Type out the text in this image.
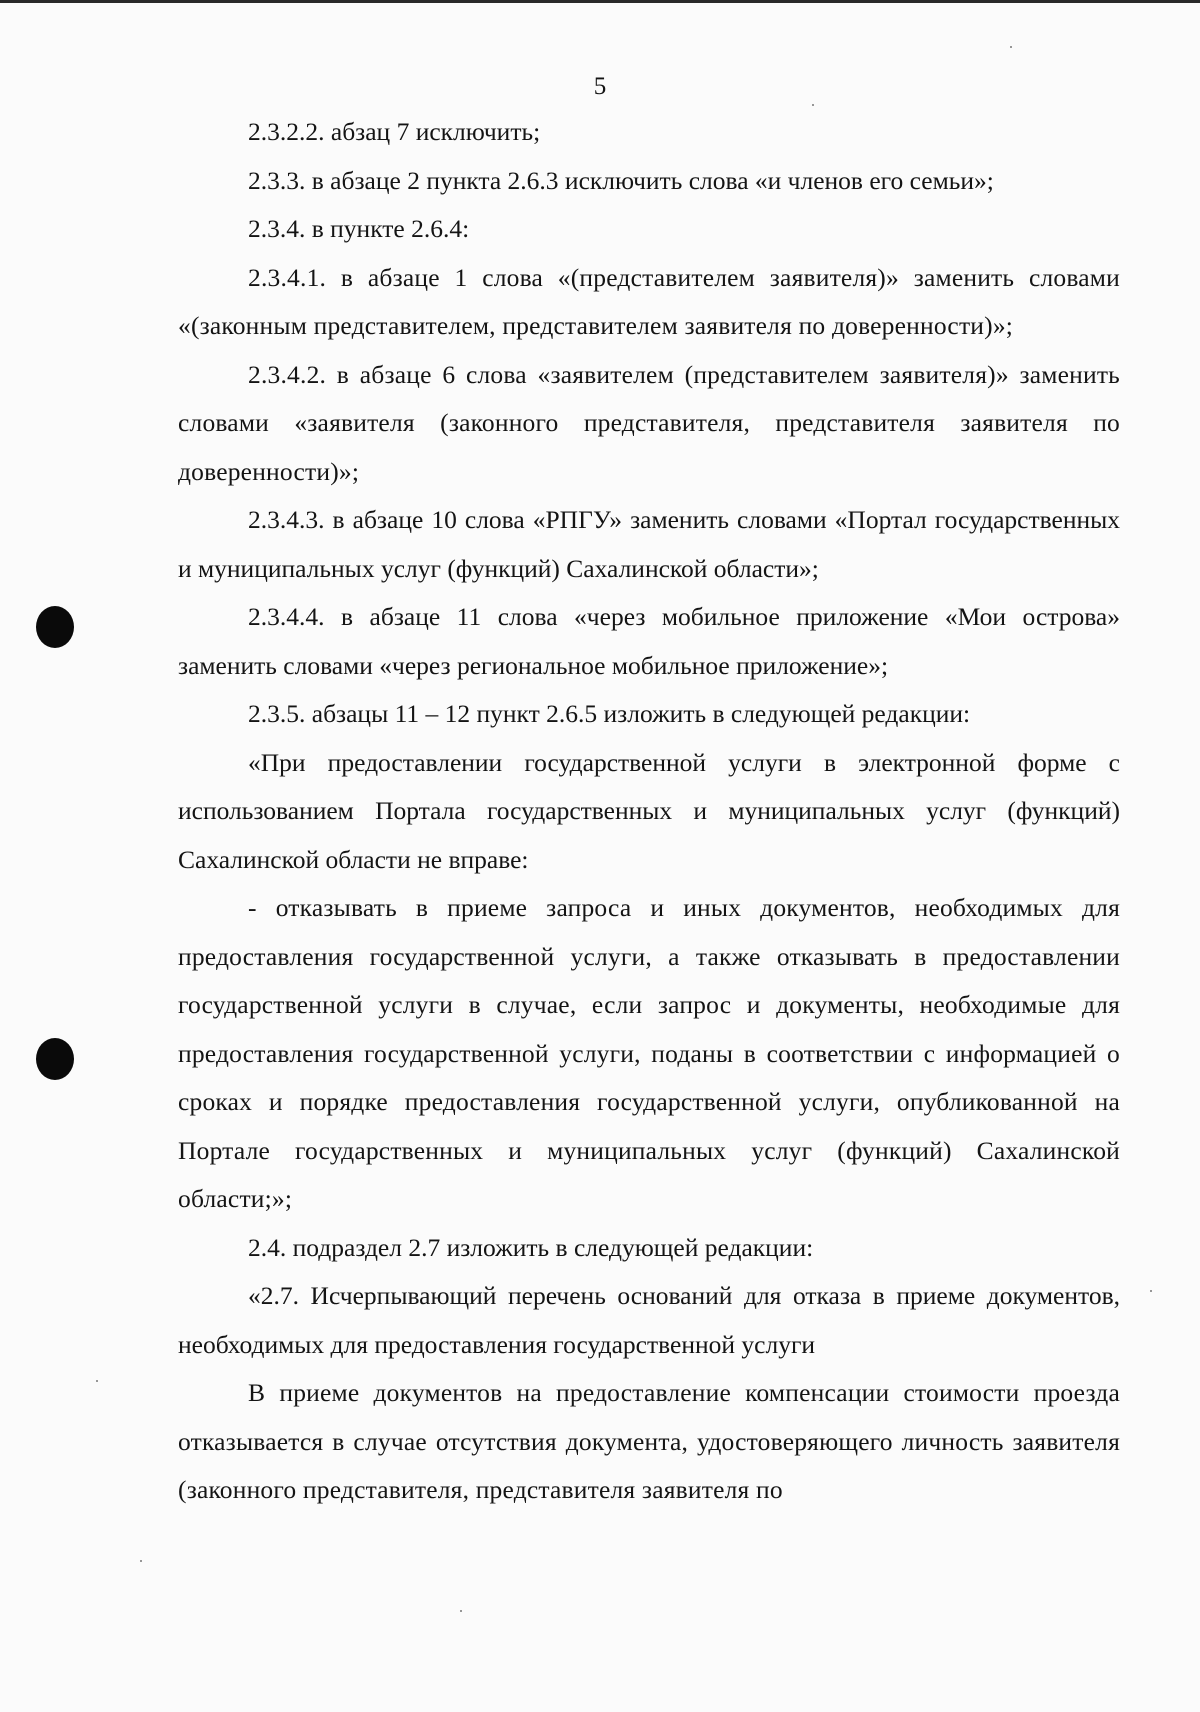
5

2.3.2.2. абзац 7 исключить;

2.3.3. в абзаце 2 пункта 2.6.3 исключить слова «и членов его семьи»;

2.3.4. в пункте 2.6.4:

2.3.4.1. в абзаце 1 слова «(представителем заявителя)» заменить словами «(законным представителем, представителем заявителя по доверенности)»;

2.3.4.2. в абзаце 6 слова «заявителем (представителем заявителя)» заменить словами «заявителя (законного представителя, представителя заявителя по доверенности)»;

2.3.4.3. в абзаце 10 слова «РПГУ» заменить словами «Портал государственных и муниципальных услуг (функций) Сахалинской области»;

2.3.4.4. в абзаце 11 слова «через мобильное приложение «Мои острова» заменить словами «через региональное мобильное приложение»;

2.3.5. абзацы 11 – 12 пункт 2.6.5 изложить в следующей редакции:

«При предоставлении государственной услуги в электронной форме с использованием Портала государственных и муниципальных услуг (функций) Сахалинской области не вправе:

- отказывать в приеме запроса и иных документов, необходимых для предоставления государственной услуги, а также отказывать в предоставлении государственной услуги в случае, если запрос и документы, необходимые для предоставления государственной услуги, поданы в соответствии с информацией о сроках и порядке предоставления государственной услуги, опубликованной на Портале государственных и муниципальных услуг (функций) Сахалинской области;»;

2.4. подраздел 2.7 изложить в следующей редакции:

«2.7. Исчерпывающий перечень оснований для отказа в приеме документов, необходимых для предоставления государственной услуги

В приеме документов на предоставление компенсации стоимости проезда отказывается в случае отсутствия документа, удостоверяющего личность заявителя (законного представителя, представителя заявителя по
